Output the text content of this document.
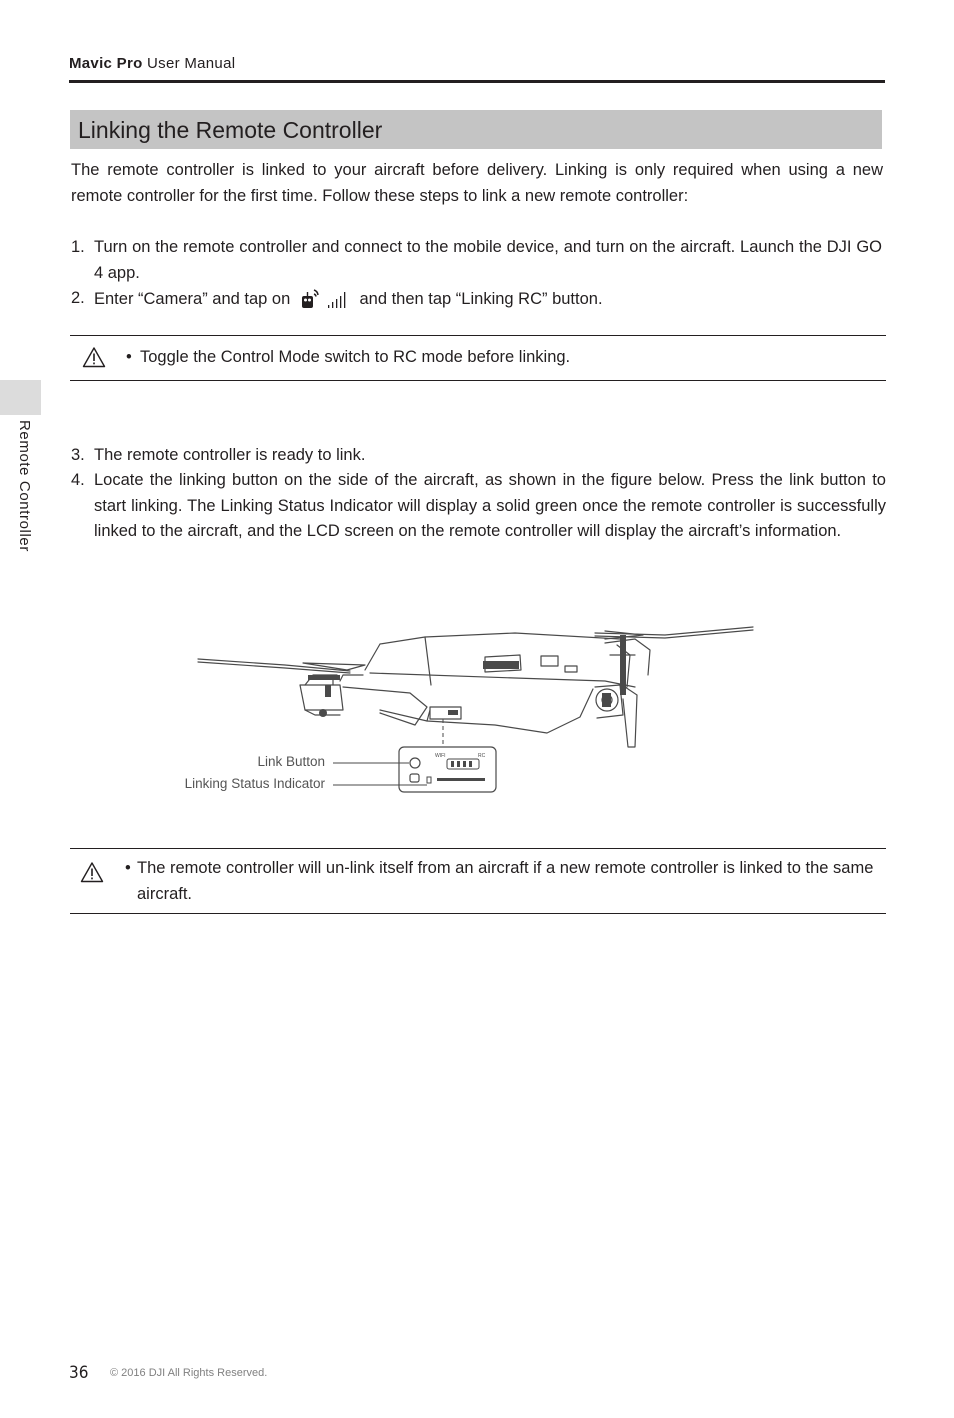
Mavic Pro User Manual
Remote Controller
Linking the Remote Controller
The remote controller is linked to your aircraft before delivery. Linking is only required when using a new remote controller for the first time. Follow these steps to link a new remote controller:
1. Turn on the remote controller and connect to the mobile device, and turn on the aircraft. Launch the DJI GO 4 app.
2. Enter “Camera” and tap on	and then tap “Linking RC” button.
• Toggle the Control Mode switch to RC mode before linking.
3. The remote controller is ready to link.
4. Locate the linking button on the side of the aircraft, as shown in the figure below. Press the link button to start linking. The Linking Status Indicator will display a solid green once the remote controller is successfully linked to the aircraft, and the LCD screen on the remote controller will display the aircraft’s information.
WIFI	RC
Link Button
Linking Status Indicator
• The remote controller will un-link itself from an aircraft if a new remote controller is linked to the same aircraft.
36 © 2016 DJI All Rights Reserved.
